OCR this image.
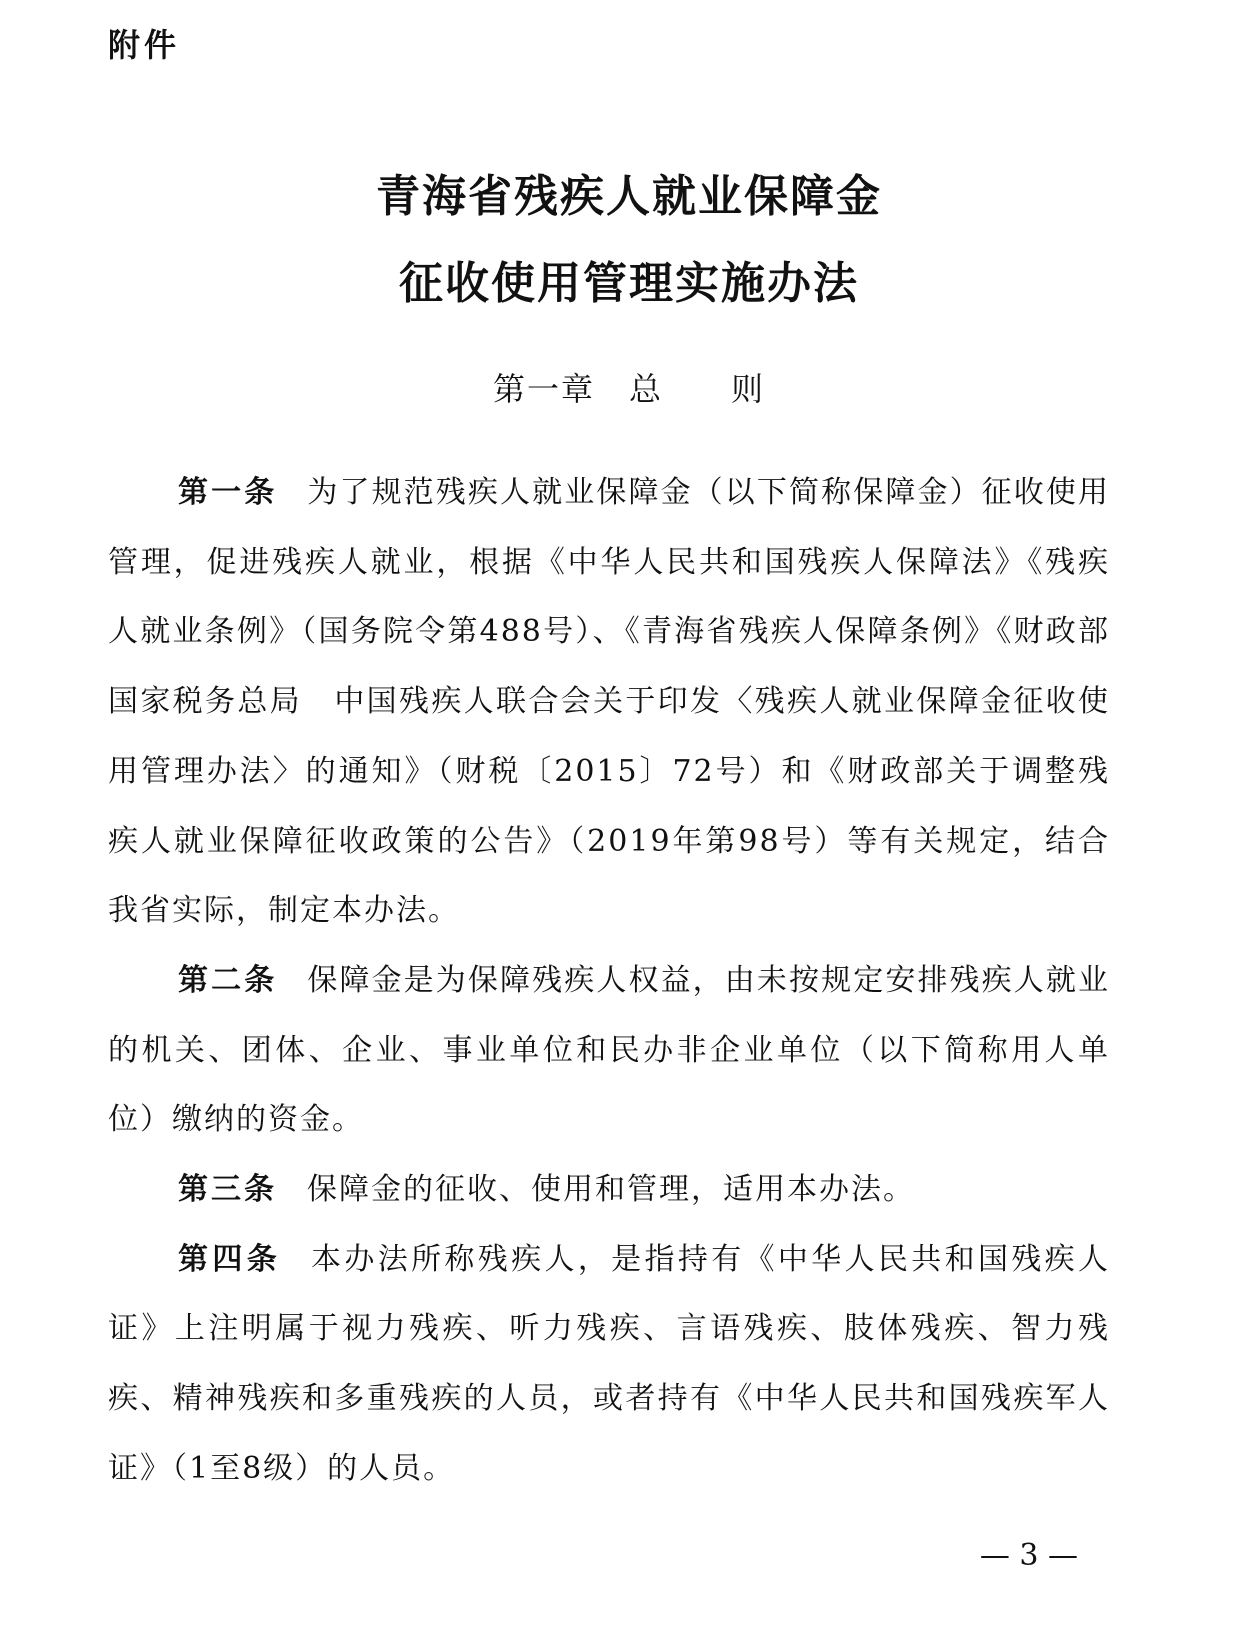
附件
青海省残疾人就业保障金
征收使用管理实施办法
第一章　总　　则

第一条 为了规范残疾人就业保障金（以下简称保障金）征收使用管理，促进残疾人就业，根据《中华人民共和国残疾人保障法》《残疾人就业条例》（国务院令第488号）、《青海省残疾人保障条例》《财政部　国家税务总局　中国残疾人联合会关于印发〈残疾人就业保障金征收使用管理办法〉的通知》（财税〔2015〕72号）和《财政部关于调整残疾人就业保障征收政策的公告》（2019年第98号）等有关规定，结合我省实际，制定本办法。

第二条 保障金是为保障残疾人权益，由未按规定安排残疾人就业的机关、团体、企业、事业单位和民办非企业单位（以下简称用人单位）缴纳的资金。

第三条 保障金的征收、使用和管理，适用本办法。

第四条 本办法所称残疾人，是指持有《中华人民共和国残疾人证》上注明属于视力残疾、听力残疾、言语残疾、肢体残疾、智力残疾、精神残疾和多重残疾的人员，或者持有《中华人民共和国残疾军人证》（1至8级）的人员。

— 3 —
